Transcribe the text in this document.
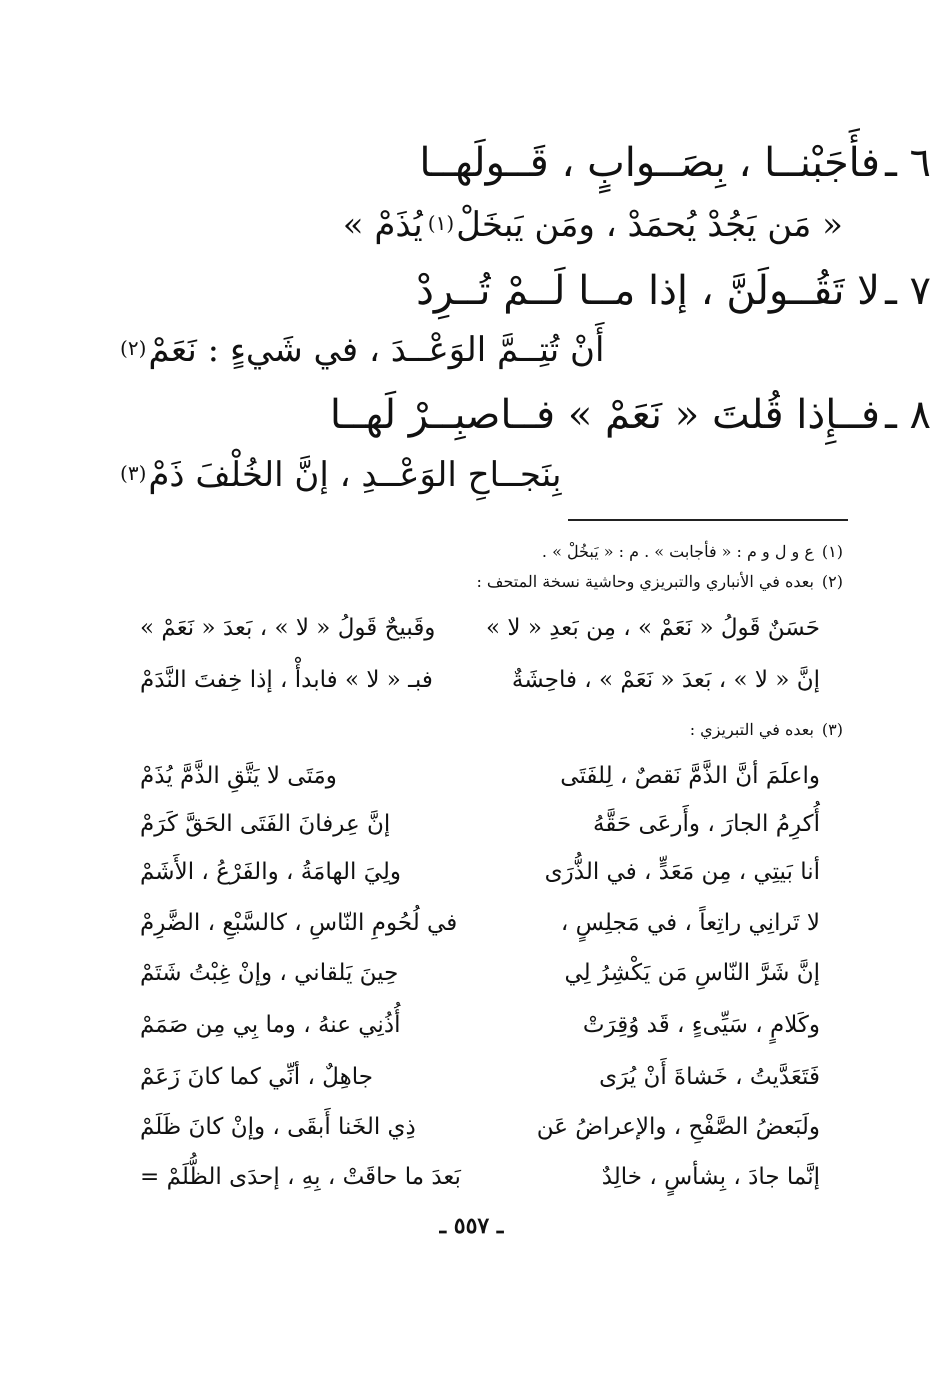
٦ ـ فأَجَبْنــا ، بِصَــوابٍ ، قَــولَهــا
« مَن يَجُدْ يُحمَدْ ، ومَن يَبخَلْ(١) يُذَمْ »
٧ ـ لا تَقُــولَنَّ ، إذا مــا لَــمْ تُــرِدْ
أَنْ تُتِــمَّ الوَعْــدَ ، في شَيءٍ : نَعَمْ(٢)
٨ ـ فــإِذا قُلتَ « نَعَمْ » فــاصبِــرْ لَهــا
بِنَجــاحِ الوَعْــدِ ، إنَّ الخُلْفَ ذَمْ(٣)
(١)ع و ل و م : « فأجابت » . م : « يَبخُلْ » .
(٢)بعده في الأنباري والتبريزي وحاشية نسخة المتحف :
حَسَنٌ قَولُ « نَعَمْ » ، مِن بَعدِ « لا »
وقَبيحٌ قَولُ « لا » ، بَعدَ « نَعَمْ »
إنَّ « لا » ، بَعدَ « نَعَمْ » ، فاحِشَةٌ
فبـ « لا » فابدأْ ، إذا خِفتَ النَّدَمْ
(٣)بعده في التبريزي :
واعلَمَ أنَّ الذَّمَّ نَقصٌ ، لِلفَتَى
ومَتَى لا يَتَّقِ الذَّمَّ يُذَمْ
أُكرِمُ الجارَ ، وأَرعَى حَقَّهُ
إنَّ عِرفانَ الفَتَى الحَقَّ كَرَمْ
أنا بَيتِي ، مِن مَعَدٍّ ، في الذُّرَى
ولِيَ الهامَةُ ، والفَرْعُ ، الأَشَمْ
لا تَرانِي راتِعاً ، في مَجلِسٍ ،
في لُحُومِ النّاسِ ، كالسَّبْعِ ، الضَّرِمْ
إنَّ شَرَّ النّاسِ مَن يَكْشِرُ لِي
حِينَ يَلقاني ، وإنْ غِبْتُ شَتَمْ
وكَلامٍ ، سَيِّىءٍ ، قَد وُقِرَتْ
أُذُنِي عنهُ ، وما بِي مِن صَمَمْ
فَتَعَدَّيتُ ، خَشاةَ أَنْ يُرَى
جاهِلٌ ، أنِّي كما كانَ زَعَمْ
ولَبَعضُ الصَّفْحِ ، والإعراضُ عَن
ذِي الخَنا أَبقَى ، وإنْ كانَ ظَلَمْ
إنَّما جادَ ، بِشأسٍ ، خالِدٌ
بَعدَ ما حاقَتْ ، بِهِ ، إحدَى الظُّلَمْ =
ـ ٥٥٧ ـ
